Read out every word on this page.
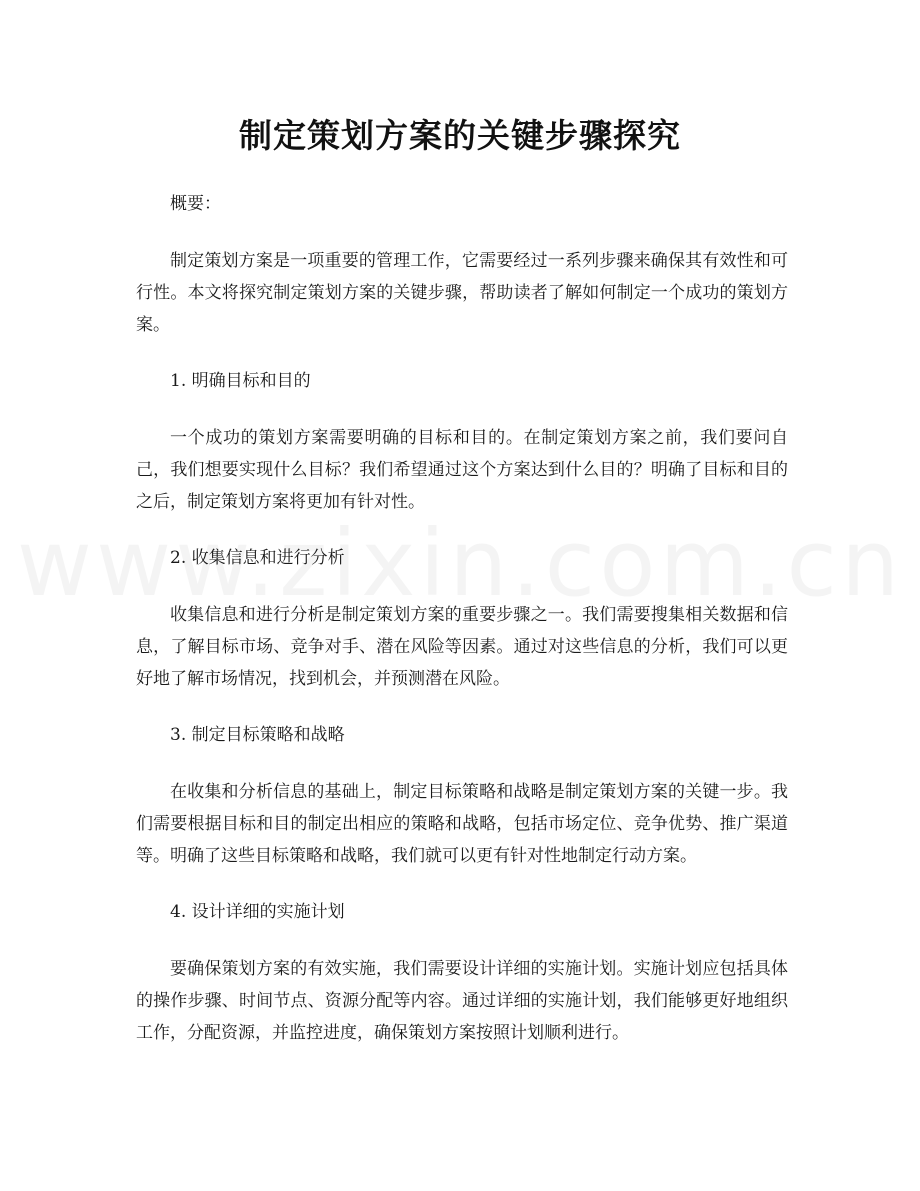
制定策划方案的关键步骤探究

概要：

制定策划方案是一项重要的管理工作，它需要经过一系列步骤来确保其有效性和可行性。本文将探究制定策划方案的关键步骤，帮助读者了解如何制定一个成功的策划方案。

1. 明确目标和目的

一个成功的策划方案需要明确的目标和目的。在制定策划方案之前，我们要问自己，我们想要实现什么目标？我们希望通过这个方案达到什么目的？明确了目标和目的之后，制定策划方案将更加有针对性。

2. 收集信息和进行分析

收集信息和进行分析是制定策划方案的重要步骤之一。我们需要搜集相关数据和信息，了解目标市场、竞争对手、潜在风险等因素。通过对这些信息的分析，我们可以更好地了解市场情况，找到机会，并预测潜在风险。

3. 制定目标策略和战略

在收集和分析信息的基础上，制定目标策略和战略是制定策划方案的关键一步。我们需要根据目标和目的制定出相应的策略和战略，包括市场定位、竞争优势、推广渠道等。明确了这些目标策略和战略，我们就可以更有针对性地制定行动方案。

4. 设计详细的实施计划

要确保策划方案的有效实施，我们需要设计详细的实施计划。实施计划应包括具体的操作步骤、时间节点、资源分配等内容。通过详细的实施计划，我们能够更好地组织工作，分配资源，并监控进度，确保策划方案按照计划顺利进行。
